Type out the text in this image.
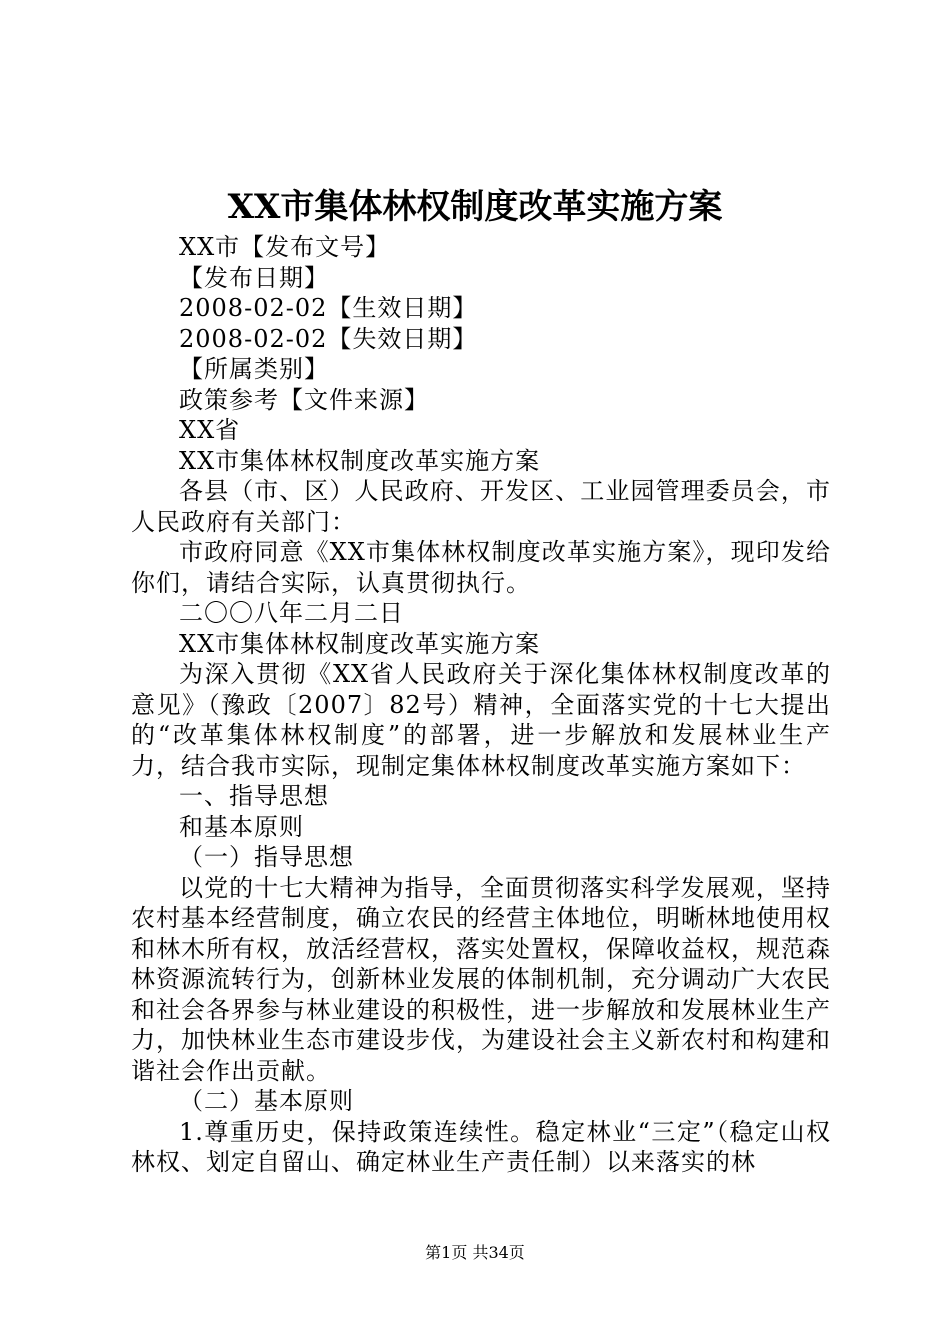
XX市集体林权制度改革实施方案

XX市【发布文号】

【发布日期】

2008-02-02【生效日期】

2008-02-02【失效日期】

【所属类别】

政策参考【文件来源】

XX省

XX市集体林权制度改革实施方案

各县（市、区）人民政府、开发区、工业园管理委员会，市人民政府有关部门：

市政府同意《XX市集体林权制度改革实施方案》，现印发给你们，请结合实际，认真贯彻执行。

二〇〇八年二月二日

XX市集体林权制度改革实施方案

为深入贯彻《XX省人民政府关于深化集体林权制度改革的意见》（豫政〔2007〕82号）精神，全面落实党的十七大提出的“改革集体林权制度”的部署，进一步解放和发展林业生产力，结合我市实际，现制定集体林权制度改革实施方案如下：

一、指导思想

和基本原则

（一）指导思想

以党的十七大精神为指导，全面贯彻落实科学发展观，坚持农村基本经营制度，确立农民的经营主体地位，明晰林地使用权和林木所有权，放活经营权，落实处置权，保障收益权，规范森林资源流转行为，创新林业发展的体制机制，充分调动广大农民和社会各界参与林业建设的积极性，进一步解放和发展林业生产力，加快林业生态市建设步伐，为建设社会主义新农村和构建和谐社会作出贡献。

（二）基本原则

1.尊重历史，保持政策连续性。稳定林业“三定”（稳定山权林权、划定自留山、确定林业生产责任制）以来落实的林

第1页 共34页
